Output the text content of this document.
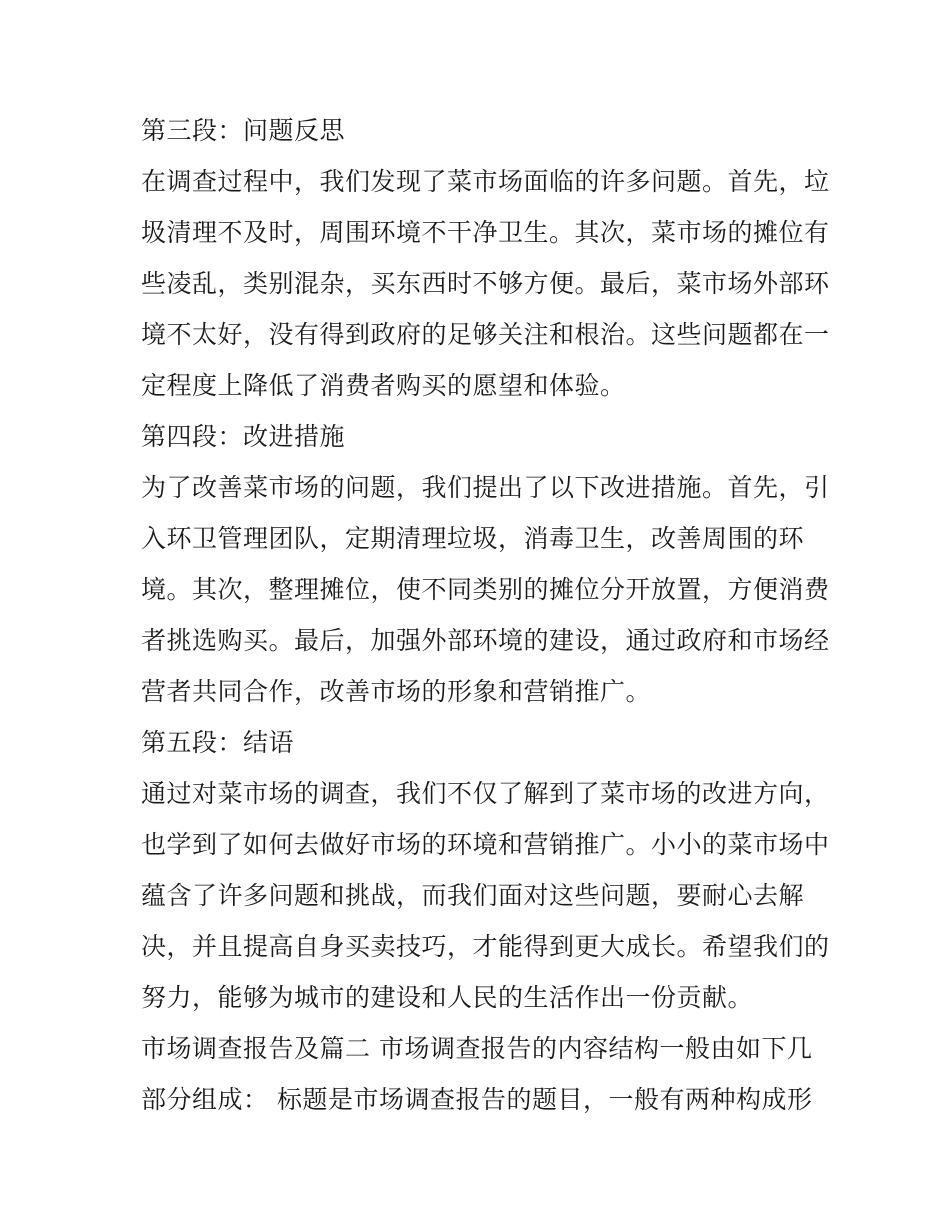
第三段：问题反思
在调查过程中，我们发现了菜市场面临的许多问题。首先，垃
圾清理不及时，周围环境不干净卫生。其次，菜市场的摊位有
些凌乱，类别混杂，买东西时不够方便。最后，菜市场外部环
境不太好，没有得到政府的足够关注和根治。这些问题都在一
定程度上降低了消费者购买的愿望和体验。
第四段：改进措施
为了改善菜市场的问题，我们提出了以下改进措施。首先，引
入环卫管理团队，定期清理垃圾，消毒卫生，改善周围的环
境。其次，整理摊位，使不同类别的摊位分开放置，方便消费
者挑选购买。最后，加强外部环境的建设，通过政府和市场经
营者共同合作，改善市场的形象和营销推广。
第五段：结语
通过对菜市场的调查，我们不仅了解到了菜市场的改进方向，
也学到了如何去做好市场的环境和营销推广。小小的菜市场中
蕴含了许多问题和挑战，而我们面对这些问题，要耐心去解
决，并且提高自身买卖技巧，才能得到更大成长。希望我们的
努力，能够为城市的建设和人民的生活作出一份贡献。
市场调查报告及篇二 市场调查报告的内容结构一般由如下几
部分组成： 标题是市场调查报告的题目，一般有两种构成形
